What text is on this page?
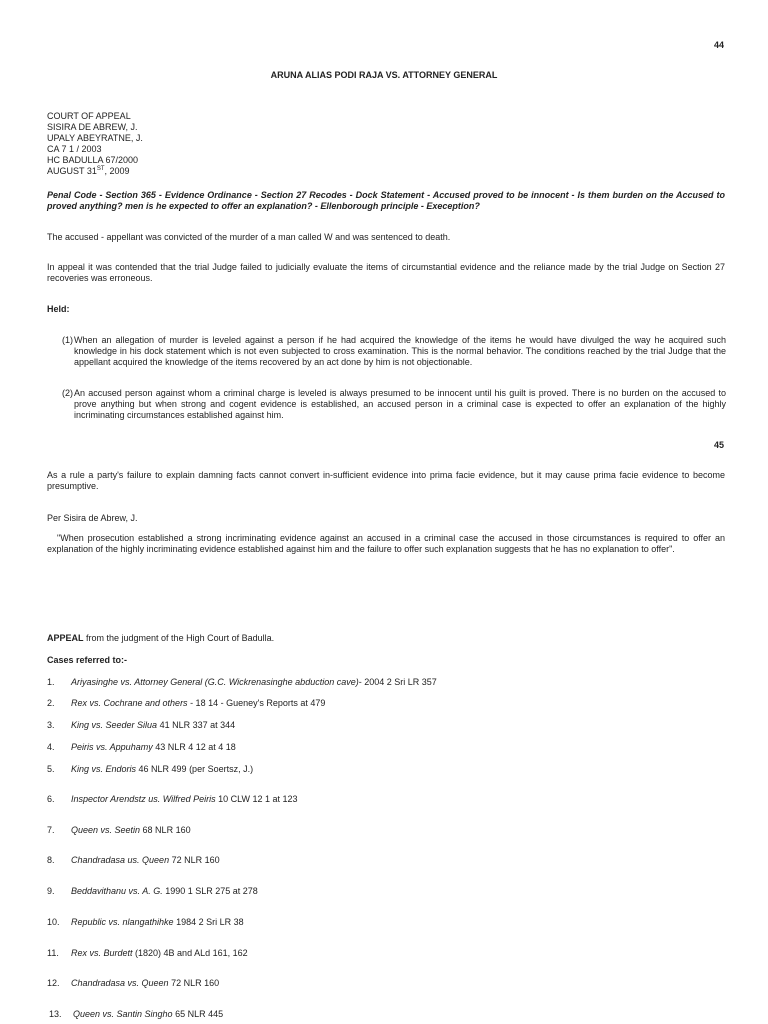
44
ARUNA ALIAS PODI RAJA VS. ATTORNEY GENERAL
COURT OF APPEAL
SISIRA DE ABREW, J.
UPALY ABEYRATNE, J.
CA 7 1 / 2003
HC BADULLA 67/2000
AUGUST 31ST, 2009
Penal Code - Section 365 - Evidence Ordinance - Section 27 Recodes - Dock Statement - Accused proved to be innocent - Is them burden on the Accused to proved anything? men is he expected to offer an explanation? - Ellenborough principle - Exeception?
The accused - appellant was convicted of the murder of a man called W and was sentenced to death.
In appeal it was contended that the trial Judge failed to judicially evaluate the items of circumstantial evidence and the reliance made by the trial Judge on Section 27 recoveries was erroneous.
Held:
(1) When an allegation of murder is leveled against a person if he had acquired the knowledge of the items he would have divulged the way he acquired such knowledge in his dock statement which is not even subjected to cross examination. This is the normal behavior. The conditions reached by the trial Judge that the appellant acquired the knowledge of the items recovered by an act done by him is not objectionable.
(2) An accused person against whom a criminal charge is leveled is always presumed to be innocent until his guilt is proved. There is no burden on the accused to prove anything but when strong and cogent evidence is established, an accused person in a criminal case is expected to offer an explanation of the highly incriminating circumstances established against him.
45
As a rule a party's failure to explain damning facts cannot convert in-sufficient evidence into prima facie evidence, but it may cause prima facie evidence to become presumptive.
Per Sisira de Abrew, J.
"When prosecution established a strong incriminating evidence against an accused in a criminal case the accused in those circumstances is required to offer an explanation of the highly incriminating evidence established against him and the failure to offer such explanation suggests that he has no explanation to offer".
APPEAL from the judgment of the High Court of Badulla.
Cases referred to:-
1. Ariyasinghe vs. Attorney General (G.C. Wickrenasinghe abduction cave)- 2004 2 Sri LR 357
2. Rex vs. Cochrane and others - 18 14 - Gueney's Reports at 479
3. King vs. Seeder Silua 41 NLR 337 at 344
4. Peiris vs. Appuhamy 43 NLR 4 12 at 4 18
5. King vs. Endoris 46 NLR 499 (per Soertsz, J.)
6. Inspector Arendstz us. Wilfred Peiris 10 CLW 12 1 at 123
7. Queen vs. Seetin 68 NLR 160
8. Chandradasa us. Queen 72 NLR 160
9. Beddavithanu vs. A. G. 1990 1 SLR 275 at 278
10. Republic vs. nlangathihke 1984 2 Sri LR 38
11. Rex vs. Burdett (1820) 4B and ALd 161, 162
12. Chandradasa vs. Queen 72 NLR 160
13. Queen vs. Santin Singho 65 NLR 445
